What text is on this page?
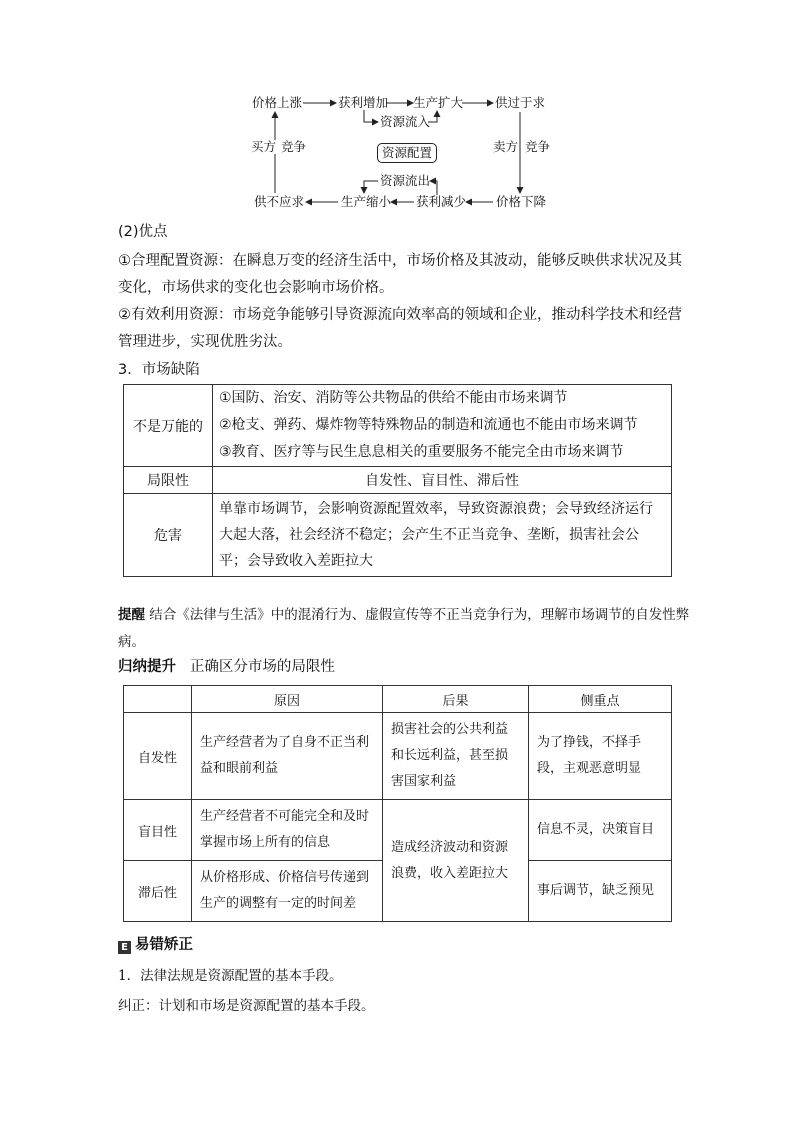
价格上涨	获利增加 生产扩大	供过于求
资源流入
资源配置
资源流出
供不应求	生产缩小 获利减少 价格下降
买方 竞争	卖方 竞争
(2)优点
①合理配置资源：在瞬息万变的经济生活中，市场价格及其波动，能够反映供求状况及其变化，市场供求的变化也会影响市场价格。
②有效利用资源：市场竞争能够引导资源流向效率高的领域和企业，推动科学技术和经营管理进步，实现优胜劣汰。
3．市场缺陷
不是万能的	①国防、治安、消防等公共物品的供给不能由市场来调节
②枪支、弹药、爆炸物等特殊物品的制造和流通也不能由市场来调节
③教育、医疗等与民生息息相关的重要服务不能完全由市场来调节

局限性	自发性、盲目性、滞后性
危害	单靠市场调节，会影响资源配置效率，导致资源浪费；会导致经济运行大起大落，社会经济不稳定；会产生不正当竞争、垄断，损害社会公平；会导致收入差距拉大
提醒 结合《法律与生活》中的混淆行为、虚假宣传等不正当竞争行为，理解市场调节的自发性弊病。
归纳提升 正确区分市场的局限性
	原因	后果	侧重点
自发性	生产经营者为了自身不正当利益和眼前利益	损害社会的公共利益和长远利益，甚至损害国家利益	为了挣钱，不择手段，主观恶意明显
盲目性	生产经营者不可能完全和及时掌握市场上所有的信息	造成经济波动和资源浪费，收入差距拉大	信息不灵，决策盲目
滞后性	从价格形成、价格信号传递到生产的调整有一定的时间差		事后调节，缺乏预见
E 易错矫正
1．法律法规是资源配置的基本手段。
纠正：计划和市场是资源配置的基本手段。
